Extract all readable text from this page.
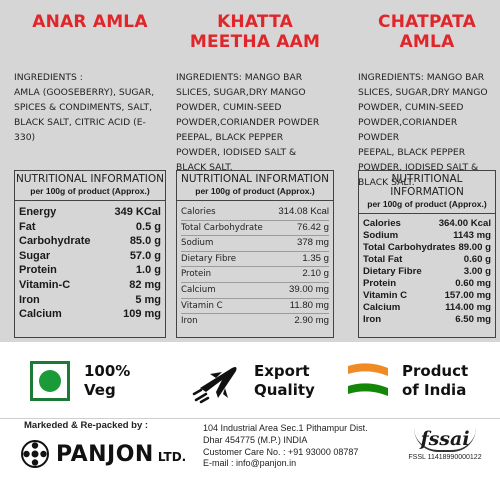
ANAR AMLA
INGREDIENTS :
AMLA (GOOSEBERRY), SUGAR,
SPICES & CONDIMENTS, SALT,
BLACK SALT, CITRIC ACID (E-330)
NUTRITIONAL INFORMATION
per 100g of product (Approx.)
Energy	349 KCal
Fat	0.5 g
Carbohydrate	85.0 g
Sugar	57.0 g
Protein	1.0 g
Vitamin-C	82 mg
Iron	5 mg
Calcium	109 mg
KHATTA
MEETHA AAM
INGREDIENTS: MANGO BAR
SLICES, SUGAR,DRY MANGO
POWDER, CUMIN-SEED
POWDER,CORIANDER POWDER
PEEPAL, BLACK PEPPER
POWDER, IODISED SALT &
BLACK SALT.
NUTRITIONAL INFORMATION
per 100g of product (Approx.)
Calories	314.08 Kcal
Total Carbohydrate	76.42 g
Sodium	378 mg
Dietary Fibre	1.35 g
Protein	2.10 g
Calcium	39.00 mg
Vitamin C	11.80 mg
Iron	2.90 mg
CHATPATA
AMLA
INGREDIENTS: MANGO BAR
SLICES, SUGAR,DRY MANGO
POWDER, CUMIN-SEED
POWDER,CORIANDER POWDER
PEEPAL, BLACK PEPPER
POWDER, IODISED SALT &
BLACK SALT.
NUTRITIONAL INFORMATION
per 100g of product (Approx.)
Calories	364.00 Kcal
Sodium	1143 mg
Total Carbohydrates 89.00 g
Total Fat	0.60 g
Dietary Fibre	3.00 g
Protein	0.60 mg
Vitamin C	157.00 mg
Calcium	114.00 mg
Iron	6.50 mg
100%
Veg
Export
Quality
Product
of India
Markeded & Re-packed by :
PANJON LTD.
104 Industrial Area Sec.1 Pithampur Dist.
Dhar 454775 (M.P.) INDIA
Customer Care No. : +91 93000 08787
E-mail : info@panjon.in
fssai
FSSL 11418990000122
